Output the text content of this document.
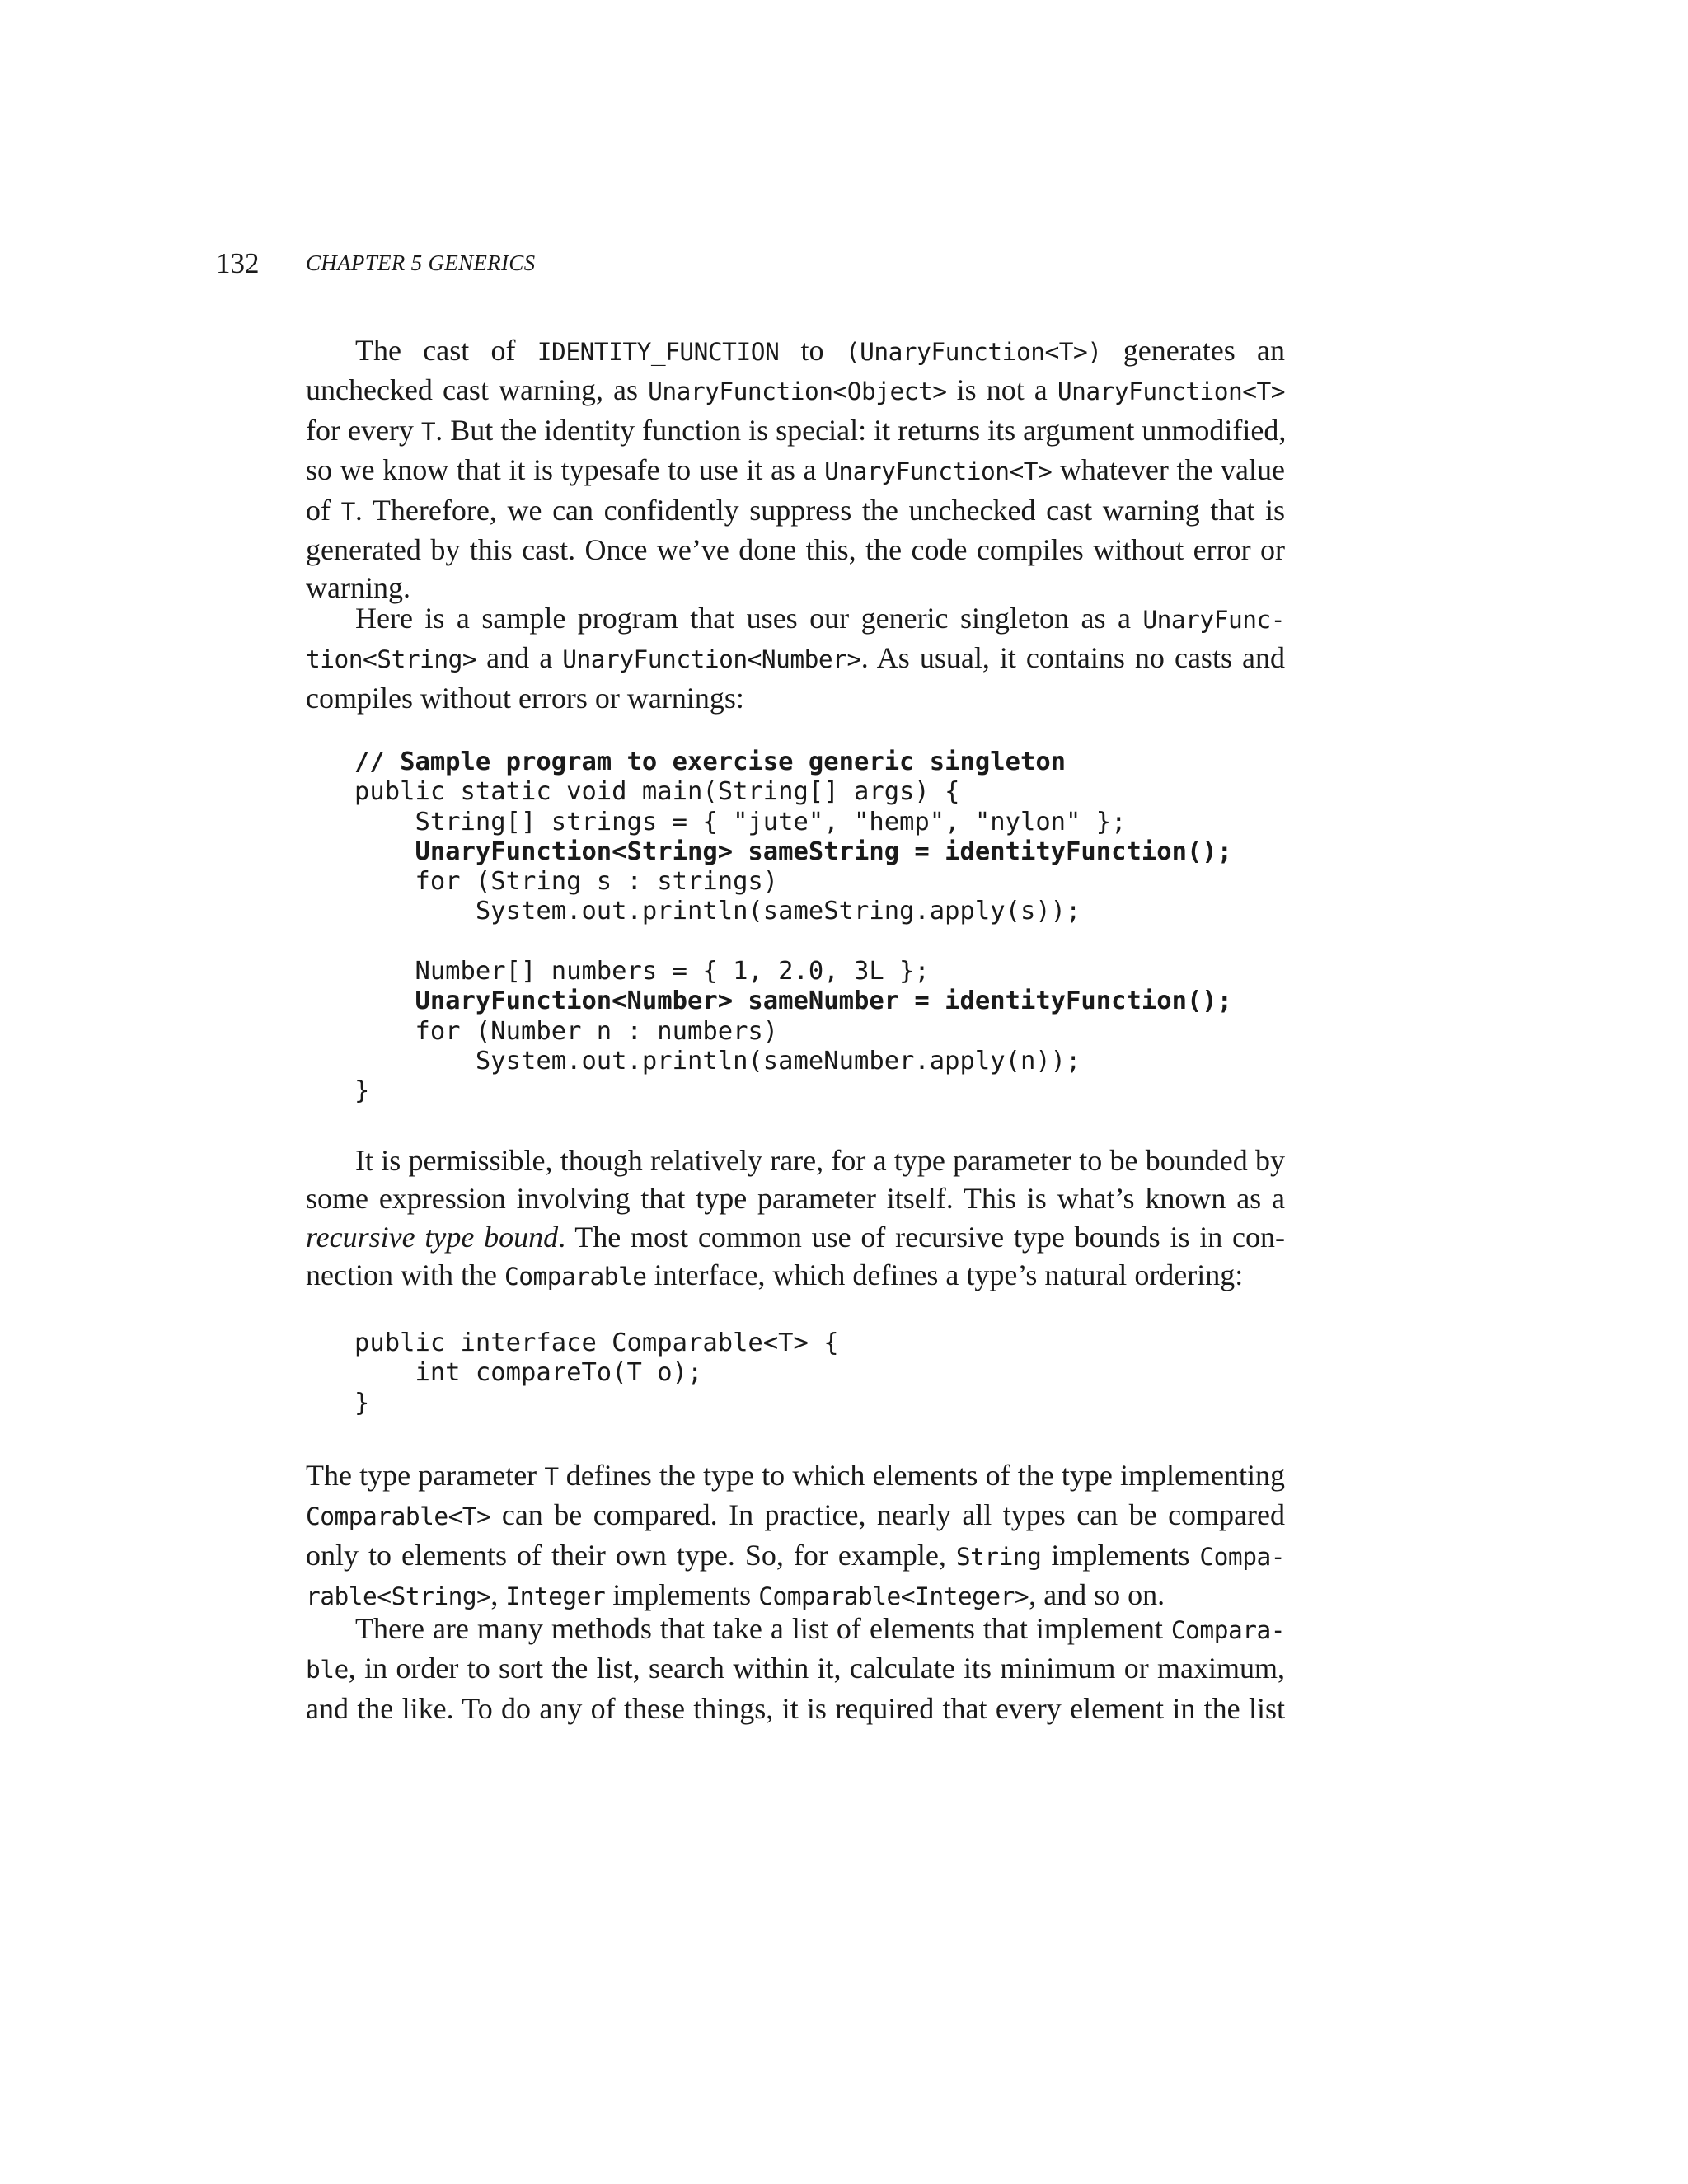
132 CHAPTER 5 GENERICS

The cast of IDENTITY_FUNCTION to (UnaryFunction<T>) generates an
unchecked cast warning, as UnaryFunction<Object> is not a UnaryFunction<T>
for every T. But the identity function is special: it returns its argument unmodified,
so we know that it is typesafe to use it as a UnaryFunction<T> whatever the value
of T. Therefore, we can confidently suppress the unchecked cast warning that is
generated by this cast. Once we’ve done this, the code compiles without error or
warning.

Here is a sample program that uses our generic singleton as a UnaryFunc-
tion<String> and a UnaryFunction<Number>. As usual, it contains no casts and
compiles without errors or warnings:

// Sample program to exercise generic singleton
public static void main(String[] args) {
String[] strings = { "jute", "hemp", "nylon" };
UnaryFunction<String> sameString = identityFunction();
for (String s : strings)
System.out.println(sameString.apply(s));

Number[] numbers = { 1, 2.0, 3L };
UnaryFunction<Number> sameNumber = identityFunction();
for (Number n : numbers)
System.out.println(sameNumber.apply(n));
}

It is permissible, though relatively rare, for a type parameter to be bounded by
some expression involving that type parameter itself. This is what’s known as a
recursive type bound. The most common use of recursive type bounds is in con-
nection with the Comparable interface, which defines a type’s natural ordering:

public interface Comparable<T> {
int compareTo(T o);
}

The type parameter T defines the type to which elements of the type implementing
Comparable<T> can be compared. In practice, nearly all types can be compared
only to elements of their own type. So, for example, String implements Compa-
rable<String>, Integer implements Comparable<Integer>, and so on.

There are many methods that take a list of elements that implement Compara-
ble, in order to sort the list, search within it, calculate its minimum or maximum,
and the like. To do any of these things, it is required that every element in the list
